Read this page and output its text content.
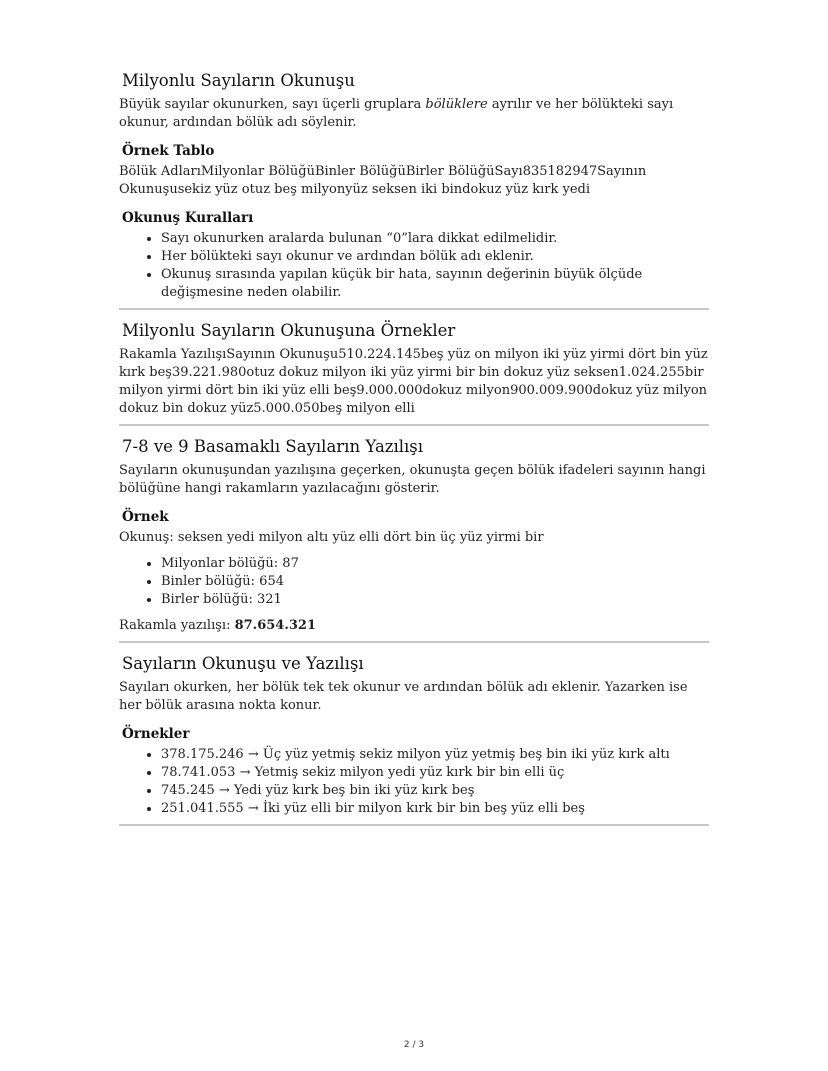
Milyonlu Sayıların Okunuşu

Büyük sayılar okunurken, sayı üçerli gruplara bölüklere ayrılır ve her bölükteki sayı okunur, ardından bölük adı söylenir.

Örnek Tablo

Bölük AdlarıMilyonlar BölüğüBinler BölüğüBirler BölüğüSayı835182947Sayının Okunuşusekiz yüz otuz beş milyonyüz seksen iki bindokuz yüz kırk yedi

Okunuş Kuralları
• Sayı okunurken aralarda bulunan “0”lara dikkat edilmelidir.
• Her bölükteki sayı okunur ve ardından bölük adı eklenir.
• Okunuş sırasında yapılan küçük bir hata, sayının değerinin büyük ölçüde değişmesine neden olabilir.
Milyonlu Sayıların Okunuşuna Örnekler

Rakamla YazılışıSayının Okunuşu510.224.145beş yüz on milyon iki yüz yirmi dört bin yüz kırk beş39.221.980otuz dokuz milyon iki yüz yirmi bir bin dokuz yüz seksen1.024.255bir milyon yirmi dört bin iki yüz elli beş9.000.000dokuz milyon900.009.900dokuz yüz milyon dokuz bin dokuz yüz5.000.050beş milyon elli

7-8 ve 9 Basamaklı Sayıların Yazılışı

Sayıların okunuşundan yazılışına geçerken, okunuşta geçen bölük ifadeleri sayının hangi bölüğüne hangi rakamların yazılacağını gösterir.

Örnek

Okunuş: seksen yedi milyon altı yüz elli dört bin üç yüz yirmi bir

• Milyonlar bölüğü: 87
• Binler bölüğü: 654
• Birler bölüğü: 321

Rakamla yazılışı: 87.654.321

Sayıların Okunuşu ve Yazılışı

Sayıları okurken, her bölük tek tek okunur ve ardından bölük adı eklenir. Yazarken ise her bölük arasına nokta konur.

Örnekler
• 378.175.246 → Üç yüz yetmiş sekiz milyon yüz yetmiş beş bin iki yüz kırk altı
• 78.741.053 → Yetmiş sekiz milyon yedi yüz kırk bir bin elli üç
• 745.245 → Yedi yüz kırk beş bin iki yüz kırk beş
• 251.041.555 → İki yüz elli bir milyon kırk bir bin beş yüz elli beş
2 / 3
